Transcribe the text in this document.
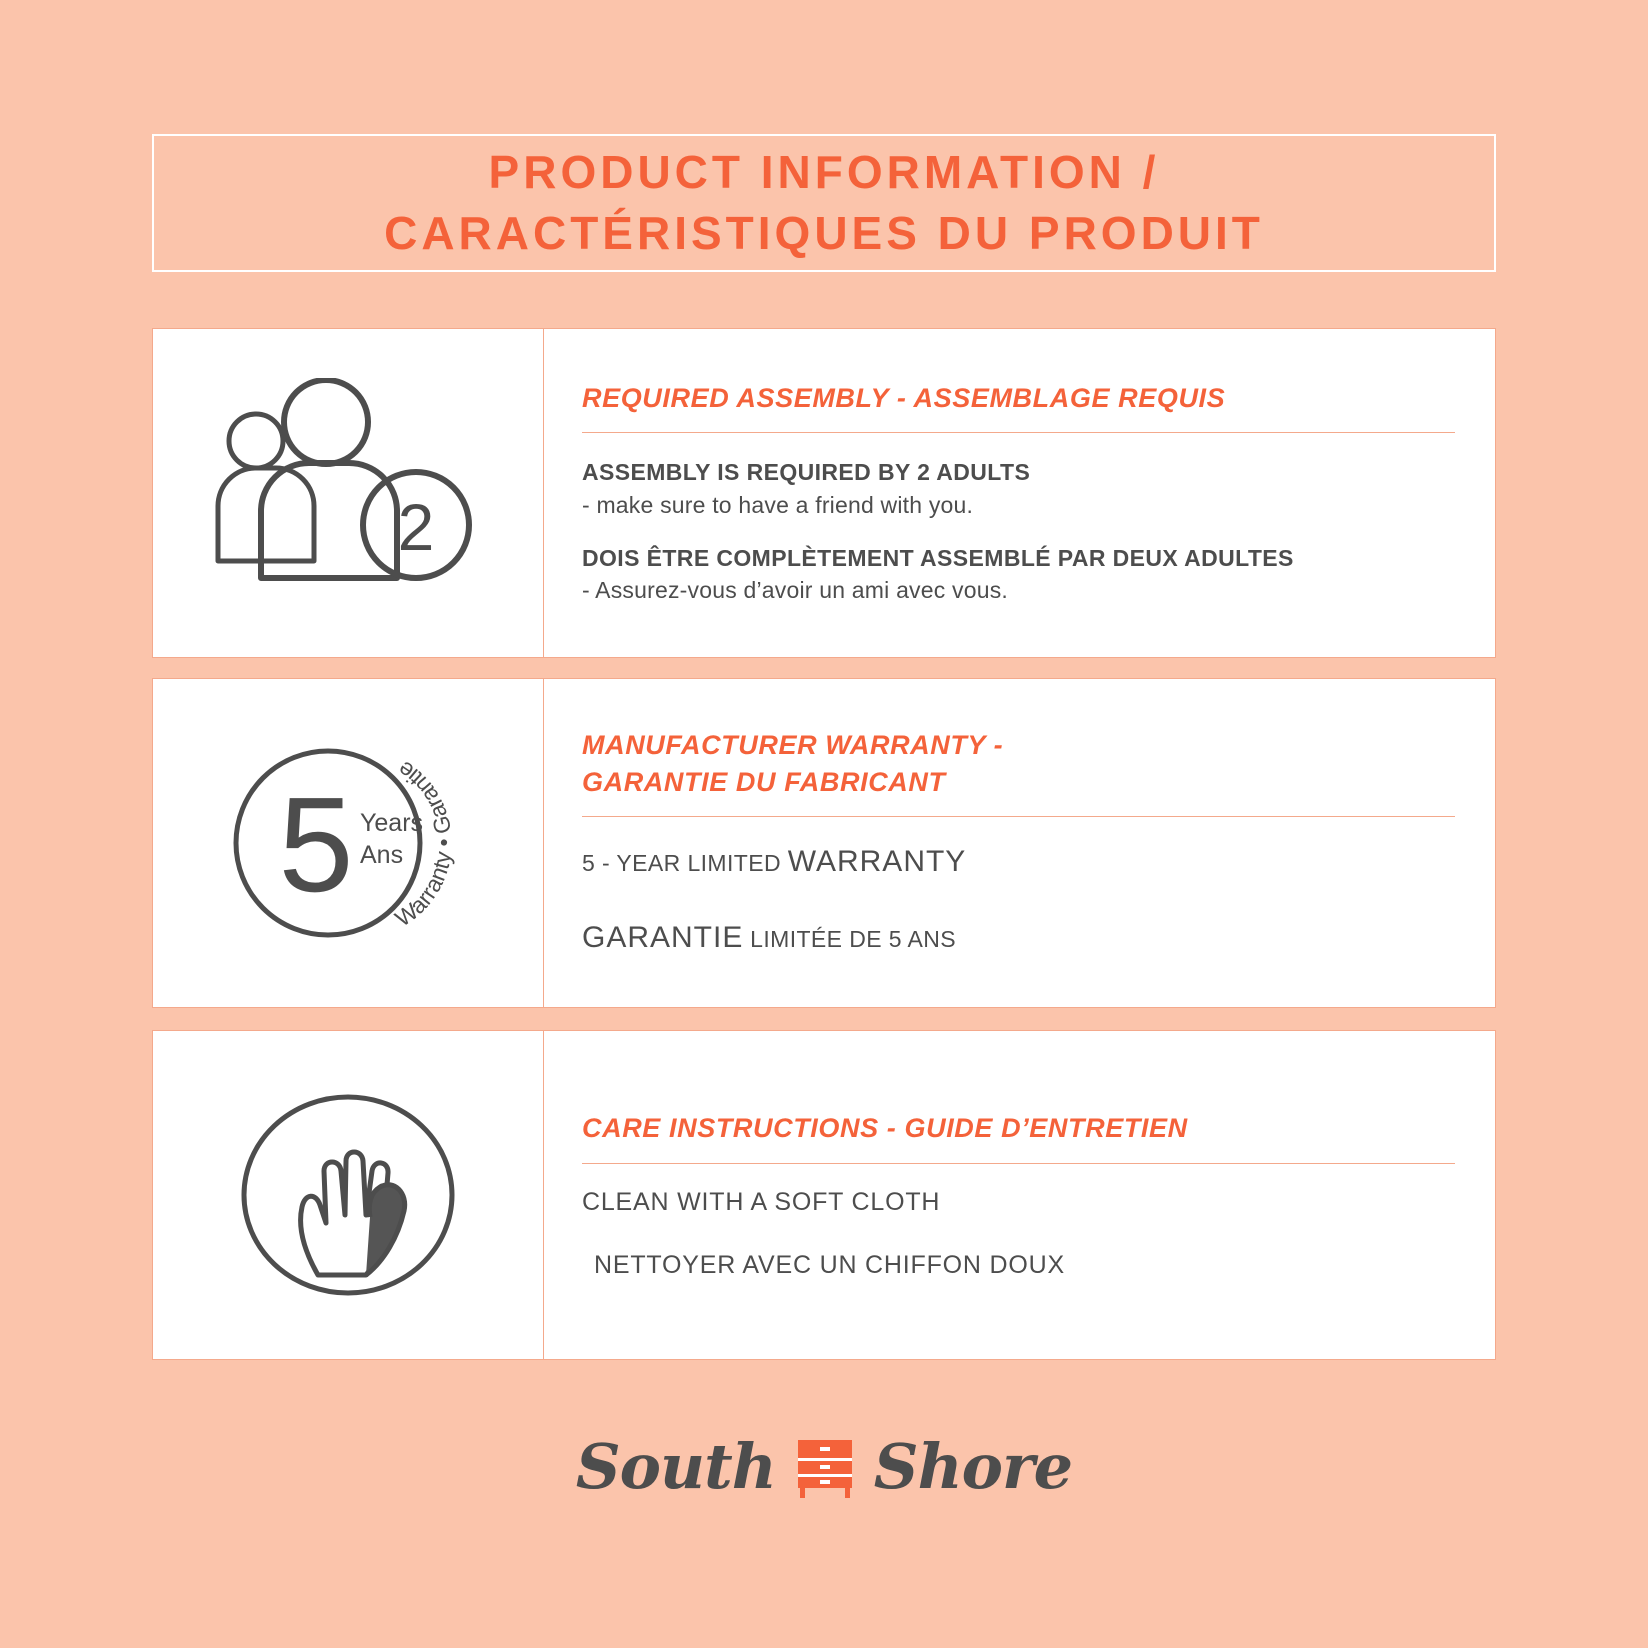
PRODUCT INFORMATION /
CARACTÉRISTIQUES DU PRODUIT
2
REQUIRED ASSEMBLY - ASSEMBLAGE REQUIS
ASSEMBLY IS REQUIRED BY 2 ADULTS
- make sure to have a friend with you.
DOIS ÊTRE COMPLÈTEMENT ASSEMBLÉ PAR DEUX ADULTES
- Assurez-vous d’avoir un ami avec vous.
5 Years
Ans
Warranty • Garantie
MANUFACTURER WARRANTY -
GARANTIE DU FABRICANT
5 - YEAR LIMITED WARRANTY
GARANTIE LIMITÉE DE 5 ANS
CARE INSTRUCTIONS - GUIDE D’ENTRETIEN
CLEAN WITH A SOFT CLOTH
NETTOYER AVEC UN CHIFFON DOUX
South Shore
